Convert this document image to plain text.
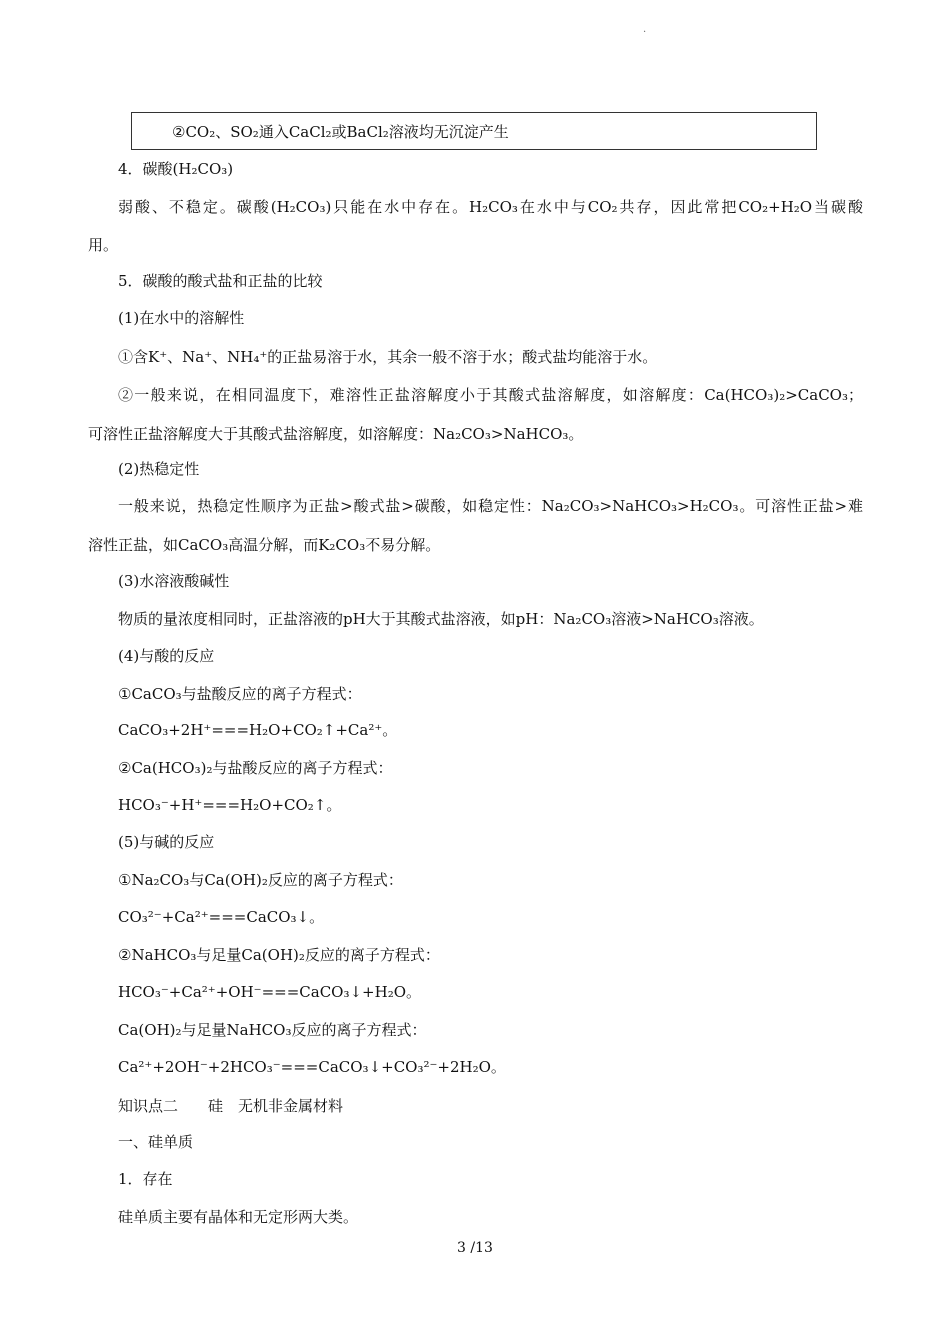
.
②CO₂、SO₂通入CaCl₂或BaCl₂溶液均无沉淀产生
4．碳酸(H₂CO₃)
弱酸、不稳定。碳酸(H₂CO₃)只能在水中存在。H₂CO₃在水中与CO₂共存，因此常把CO₂+H₂O当碳酸
用。
5．碳酸的酸式盐和正盐的比较
(1)在水中的溶解性
①含K⁺、Na⁺、NH₄⁺的正盐易溶于水，其余一般不溶于水；酸式盐均能溶于水。
②一般来说，在相同温度下，难溶性正盐溶解度小于其酸式盐溶解度，如溶解度：Ca(HCO₃)₂>CaCO₃；
可溶性正盐溶解度大于其酸式盐溶解度，如溶解度：Na₂CO₃>NaHCO₃。
(2)热稳定性
一般来说，热稳定性顺序为正盐>酸式盐>碳酸，如稳定性：Na₂CO₃>NaHCO₃>H₂CO₃。可溶性正盐>难
溶性正盐，如CaCO₃高温分解，而K₂CO₃不易分解。
(3)水溶液酸碱性
物质的量浓度相同时，正盐溶液的pH大于其酸式盐溶液，如pH：Na₂CO₃溶液>NaHCO₃溶液。
(4)与酸的反应
①CaCO₃与盐酸反应的离子方程式：
CaCO₃+2H⁺===H₂O+CO₂↑+Ca²⁺。
②Ca(HCO₃)₂与盐酸反应的离子方程式：
HCO₃⁻+H⁺===H₂O+CO₂↑。
(5)与碱的反应
①Na₂CO₃与Ca(OH)₂反应的离子方程式：
CO₃²⁻+Ca²⁺===CaCO₃↓。
②NaHCO₃与足量Ca(OH)₂反应的离子方程式：
HCO₃⁻+Ca²⁺+OH⁻===CaCO₃↓+H₂O。
Ca(OH)₂与足量NaHCO₃反应的离子方程式：
Ca²⁺+2OH⁻+2HCO₃⁻===CaCO₃↓+CO₃²⁻+2H₂O。
知识点二　　硅　无机非金属材料
一、硅单质
1．存在
硅单质主要有晶体和无定形两大类。
3 /13
